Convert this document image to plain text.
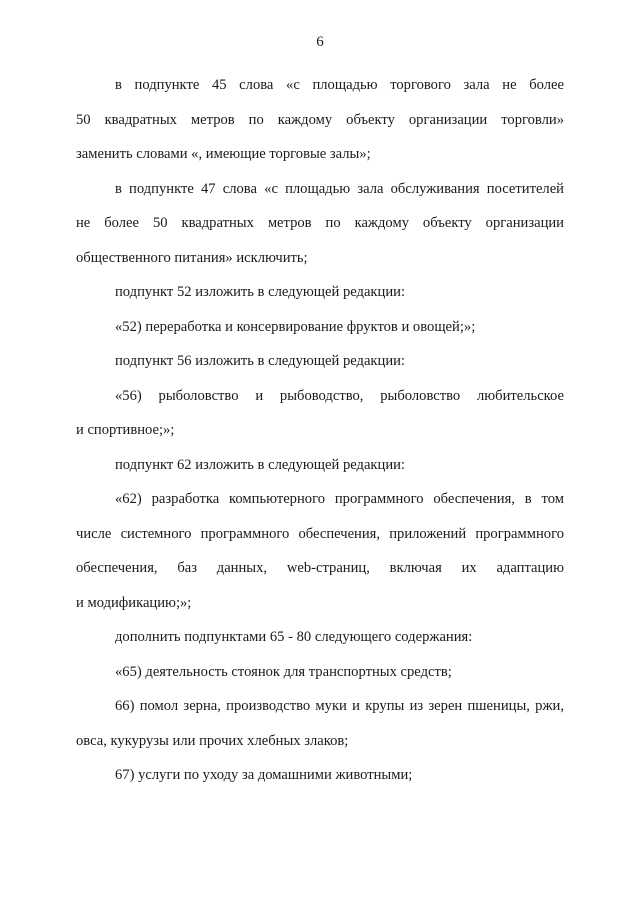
6
в подпункте 45 слова «с площадью торгового зала не более
50 квадратных метров по каждому объекту организации торговли»
заменить словами «, имеющие торговые залы»;
в подпункте 47 слова «с площадью зала обслуживания посетителей
не более 50 квадратных метров по каждому объекту организации
общественного питания» исключить;
подпункт 52 изложить в следующей редакции:
«52) переработка и консервирование фруктов и овощей;»;
подпункт 56 изложить в следующей редакции:
«56) рыболовство и рыбоводство, рыболовство любительское
и спортивное;»;
подпункт 62 изложить в следующей редакции:
«62) разработка компьютерного программного обеспечения, в том
числе системного программного обеспечения, приложений программного
обеспечения, баз данных, web-страниц, включая их адаптацию
и модификацию;»;
дополнить подпунктами 65 - 80 следующего содержания:
«65) деятельность стоянок для транспортных средств;
66) помол зерна, производство муки и крупы из зерен пшеницы, ржи,
овса, кукурузы или прочих хлебных злаков;
67) услуги по уходу за домашними животными;
